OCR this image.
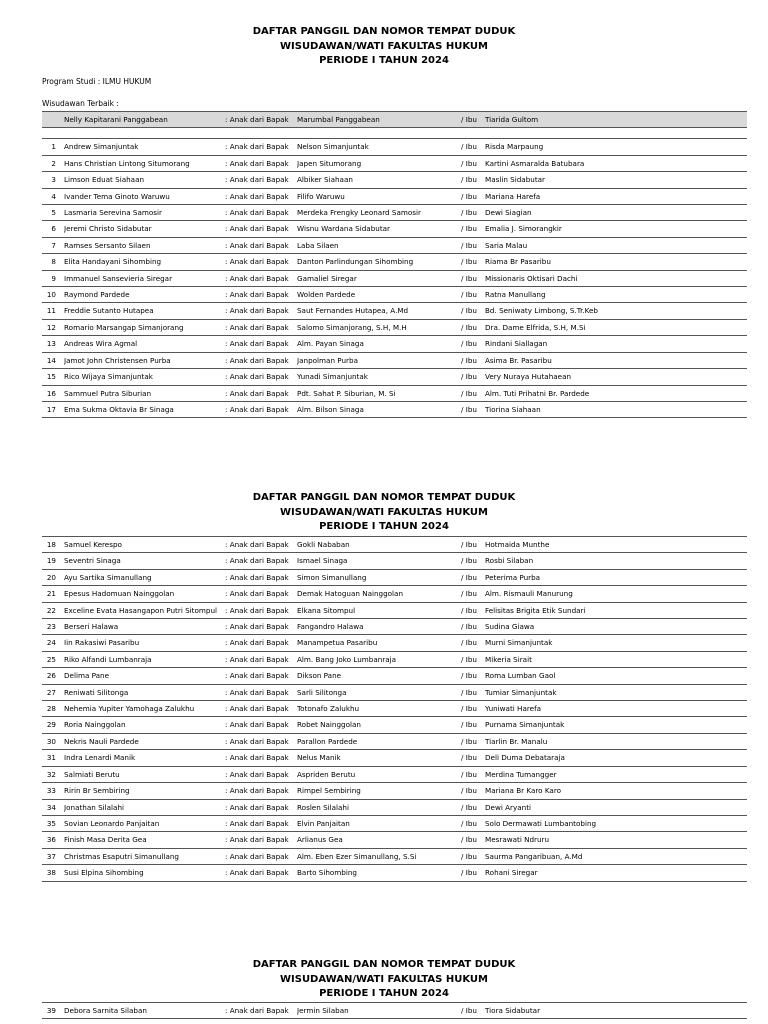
DAFTAR PANGGIL DAN NOMOR TEMPAT DUDUK
WISUDAWAN/WATI FAKULTAS HUKUM
PERIODE I TAHUN 2024
Program Studi : ILMU HUKUM
Wisudawan Terbaik :
	Nelly Kapitarani Panggabean	: Anak dari Bapak	Marumbal Panggabean	/ Ibu	Tiarida Gultom

1	Andrew Simanjuntak	: Anak dari Bapak	Nelson Simanjuntak	/ Ibu	Risda Marpaung
2	Hans Christian Lintong Situmorang	: Anak dari Bapak	Japen Situmorang	/ Ibu	Kartini Asmaralda Batubara
3	Limson Eduat Siahaan	: Anak dari Bapak	Albiker Siahaan	/ Ibu	Maslin Sidabutar
4	Ivander Tema Ginoto Waruwu	: Anak dari Bapak	Filifo Waruwu	/ Ibu	Mariana Harefa
5	Lasmaria Serevina Samosir	: Anak dari Bapak	Merdeka Frengky Leonard Samosir	/ Ibu	Dewi Siagian
6	Jeremi Christo Sidabutar	: Anak dari Bapak	Wisnu Wardana Sidabutar	/ Ibu	Emalia J. Simorangkir
7	Ramses Sersanto Silaen	: Anak dari Bapak	Laba Silaen	/ Ibu	Saria Malau
8	Elita Handayani Sihombing	: Anak dari Bapak	Danton Parlindungan Sihombing	/ Ibu	Riama Br Pasaribu
9	Immanuel Sansevieria Siregar	: Anak dari Bapak	Gamaliel Siregar	/ Ibu	Missionaris Oktisari Dachi
10	Raymond Pardede	: Anak dari Bapak	Wolden Pardede	/ Ibu	Ratna Manullang
11	Freddie Sutanto Hutapea	: Anak dari Bapak	Saut Fernandes Hutapea, A.Md	/ Ibu	Bd. Seniwaty Limbong, S.Tr.Keb
12	Romario Marsangap Simanjorang	: Anak dari Bapak	Salomo Simanjorang, S.H, M.H	/ Ibu	Dra. Dame Elfrida, S.H, M.Si
13	Andreas Wira Agmal	: Anak dari Bapak	Alm. Payan Sinaga	/ Ibu	Rindani Siallagan
14	Jamot John Christensen Purba	: Anak dari Bapak	Janpolman Purba	/ Ibu	Asima Br. Pasaribu
15	Rico Wijaya Simanjuntak	: Anak dari Bapak	Yunadi Simanjuntak	/ Ibu	Very Nuraya Hutahaean
16	Sammuel Putra Siburian	: Anak dari Bapak	Pdt. Sahat P. Siburian, M. Si	/ Ibu	Alm. Tuti Prihatni Br. Pardede
17	Ema Sukma Oktavia Br Sinaga	: Anak dari Bapak	Alm. Bilson Sinaga	/ Ibu	Tiorina Siahaan
DAFTAR PANGGIL DAN NOMOR TEMPAT DUDUK
WISUDAWAN/WATI FAKULTAS HUKUM
PERIODE I TAHUN 2024
18	Samuel Kerespo	: Anak dari Bapak	Gokli Nababan	/ Ibu	Hotmaida Munthe
19	Seventri Sinaga	: Anak dari Bapak	Ismael Sinaga	/ Ibu	Rosbi Silaban
20	Ayu Sartika Simanullang	: Anak dari Bapak	Simon Simanullang	/ Ibu	Peterima Purba
21	Epesus Hadomuan Nainggolan	: Anak dari Bapak	Demak Hatoguan Nainggolan	/ Ibu	Alm. Rismauli Manurung
22	Exceline Evata Hasangapon Putri Sitompul	: Anak dari Bapak	Elkana Sitompul	/ Ibu	Felisitas Brigita Etik Sundari
23	Berseri Halawa	: Anak dari Bapak	Fangandro Halawa	/ Ibu	Sudina Giawa
24	Iin Rakasiwi Pasaribu	: Anak dari Bapak	Manampetua Pasaribu	/ Ibu	Murni Simanjuntak
25	Riko Alfandi Lumbanraja	: Anak dari Bapak	Alm. Bang Joko Lumbanraja	/ Ibu	Mikeria Sirait
26	Delima Pane	: Anak dari Bapak	Dikson Pane	/ Ibu	Roma Lumban Gaol
27	Reniwati Silitonga	: Anak dari Bapak	Sarli Silitonga	/ Ibu	Tumiar Simanjuntak
28	Nehemia Yupiter Yamohaga Zalukhu	: Anak dari Bapak	Totonafo Zalukhu	/ Ibu	Yuniwati Harefa
29	Roria Nainggolan	: Anak dari Bapak	Robet Nainggolan	/ Ibu	Purnama Simanjuntak
30	Nekris Nauli Pardede	: Anak dari Bapak	Parallon Pardede	/ Ibu	Tiarlin Br. Manalu
31	Indra Lenardi Manik	: Anak dari Bapak	Nelus Manik	/ Ibu	Deli Duma Debataraja
32	Salmiati Berutu	: Anak dari Bapak	Aspriden Berutu	/ Ibu	Merdina Tumangger
33	Ririn Br Sembiring	: Anak dari Bapak	Rimpel Sembiring	/ Ibu	Mariana Br Karo Karo
34	Jonathan Silalahi	: Anak dari Bapak	Roslen Silalahi	/ Ibu	Dewi Aryanti
35	Sovian Leonardo Panjaitan	: Anak dari Bapak	Elvin Panjaitan	/ Ibu	Solo Dermawati Lumbantobing
36	Finish Masa Derita Gea	: Anak dari Bapak	Arlianus Gea	/ Ibu	Mesrawati Ndruru
37	Christmas Esaputri Simanullang	: Anak dari Bapak	Alm. Eben Ezer Simanullang, S.Si	/ Ibu	Saurma Pangaribuan, A.Md
38	Susi Elpina Sihombing	: Anak dari Bapak	Barto Sihombing	/ Ibu	Rohani Siregar
DAFTAR PANGGIL DAN NOMOR TEMPAT DUDUK
WISUDAWAN/WATI FAKULTAS HUKUM
PERIODE I TAHUN 2024
39	Debora Sarnita Silaban	: Anak dari Bapak	Jermin Silaban	/ Ibu	Tiora Sidabutar
